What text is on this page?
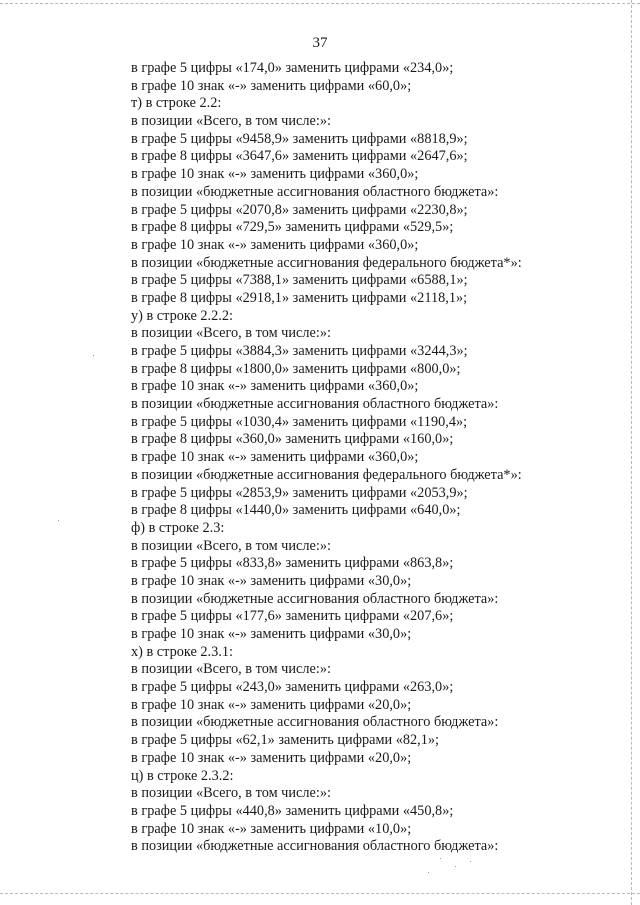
37
в графе 5 цифры «174,0» заменить цифрами «234,0»;
в графе 10 знак «-» заменить цифрами «60,0»;
т) в строке 2.2:
в позиции «Всего, в том числе:»:
в графе 5 цифры «9458,9» заменить цифрами «8818,9»;
в графе 8 цифры «3647,6» заменить цифрами «2647,6»;
в графе 10 знак «-» заменить цифрами «360,0»;
в позиции «бюджетные ассигнования областного бюджета»:
в графе 5 цифры «2070,8» заменить цифрами «2230,8»;
в графе 8 цифры «729,5» заменить цифрами «529,5»;
в графе 10 знак «-» заменить цифрами «360,0»;
в позиции «бюджетные ассигнования федерального бюджета*»:
в графе 5 цифры «7388,1» заменить цифрами «6588,1»;
в графе 8 цифры «2918,1» заменить цифрами «2118,1»;
у) в строке 2.2.2:
в позиции «Всего, в том числе:»:
в графе 5 цифры «3884,3» заменить цифрами «3244,3»;
в графе 8 цифры «1800,0» заменить цифрами «800,0»;
в графе 10 знак «-» заменить цифрами «360,0»;
в позиции «бюджетные ассигнования областного бюджета»:
в графе 5 цифры «1030,4» заменить цифрами «1190,4»;
в графе 8 цифры «360,0» заменить цифрами «160,0»;
в графе 10 знак «-» заменить цифрами «360,0»;
в позиции «бюджетные ассигнования федерального бюджета*»:
в графе 5 цифры «2853,9» заменить цифрами «2053,9»;
в графе 8 цифры «1440,0» заменить цифрами «640,0»;
ф) в строке 2.3:
в позиции «Всего, в том числе:»:
в графе 5 цифры «833,8» заменить цифрами «863,8»;
в графе 10 знак «-» заменить цифрами «30,0»;
в позиции «бюджетные ассигнования областного бюджета»:
в графе 5 цифры «177,6» заменить цифрами «207,6»;
в графе 10 знак «-» заменить цифрами «30,0»;
х) в строке 2.3.1:
в позиции «Всего, в том числе:»:
в графе 5 цифры «243,0» заменить цифрами «263,0»;
в графе 10 знак «-» заменить цифрами «20,0»;
в позиции «бюджетные ассигнования областного бюджета»:
в графе 5 цифры «62,1» заменить цифрами «82,1»;
в графе 10 знак «-» заменить цифрами «20,0»;
ц) в строке 2.3.2:
в позиции «Всего, в том числе:»:
в графе 5 цифры «440,8» заменить цифрами «450,8»;
в графе 10 знак «-» заменить цифрами «10,0»;
в позиции «бюджетные ассигнования областного бюджета»:
